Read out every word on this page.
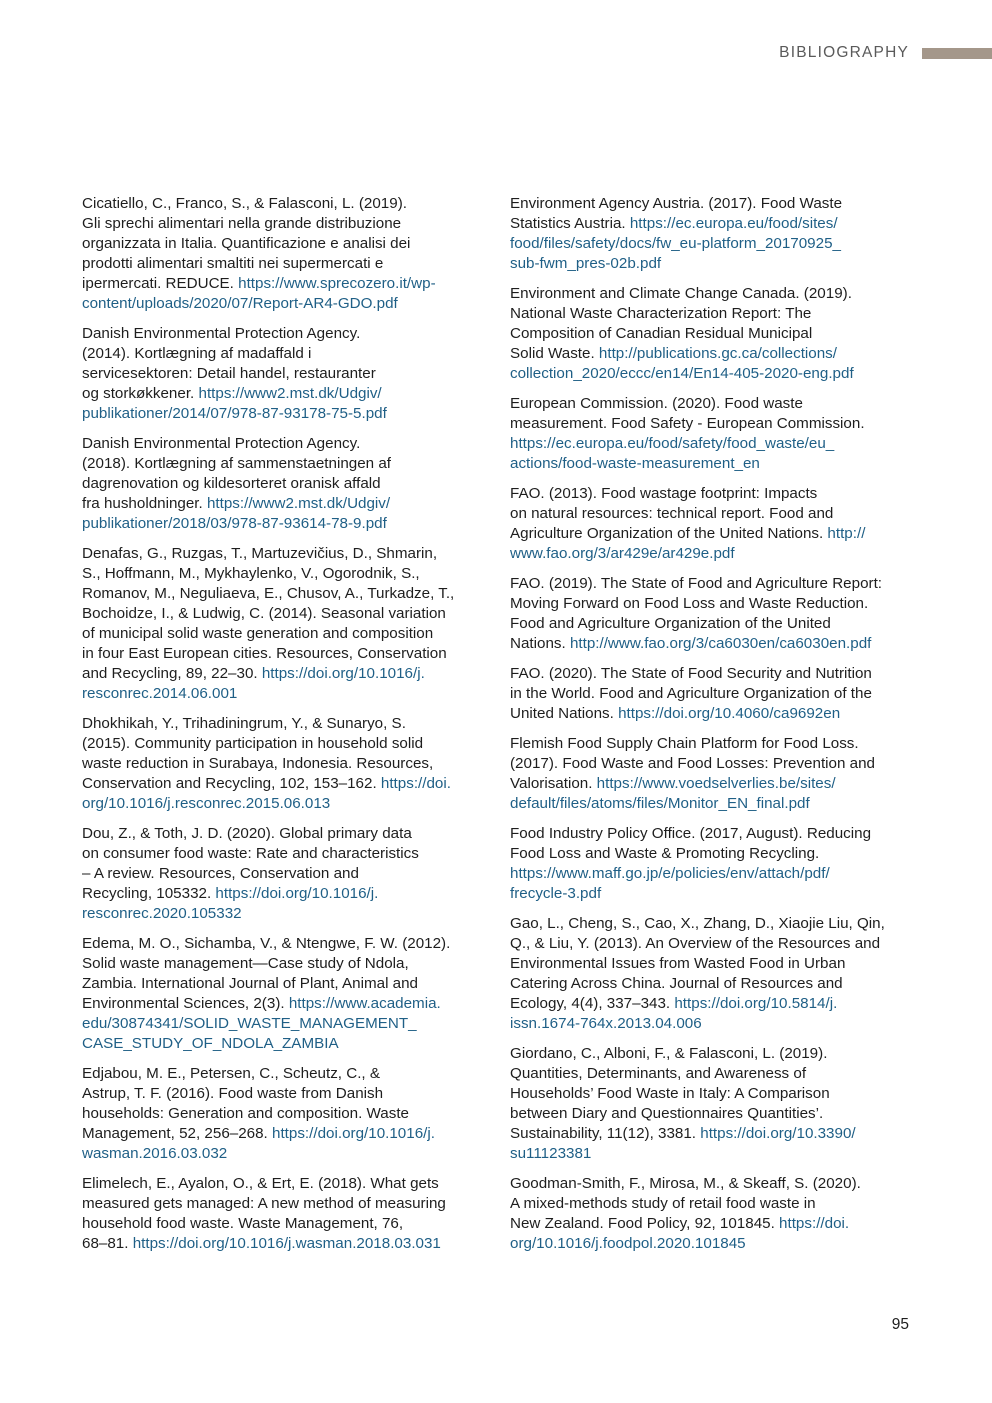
BIBLIOGRAPHY

Cicatiello, C., Franco, S., & Falasconi, L. (2019).
Gli sprechi alimentari nella grande distribuzione
organizzata in Italia. Quantificazione e analisi dei
prodotti alimentari smaltiti nei supermercati e
ipermercati. REDUCE. https://www.sprecozero.it/wp-
content/uploads/2020/07/Report-AR4-GDO.pdf

Danish Environmental Protection Agency.
(2014). Kortlægning af madaffald i
servicesektoren: Detail handel, restauranter
og storkøkkener. https://www2.mst.dk/Udgiv/
publikationer/2014/07/978-87-93178-75-5.pdf

Danish Environmental Protection Agency.
(2018). Kortlægning af sammenstaetningen af
dagrenovation og kildesorteret oranisk affald
fra husholdninger. https://www2.mst.dk/Udgiv/
publikationer/2018/03/978-87-93614-78-9.pdf

Denafas, G., Ruzgas, T., Martuzevičius, D., Shmarin,
S., Hoffmann, M., Mykhaylenko, V., Ogorodnik, S.,
Romanov, M., Neguliaeva, E., Chusov, A., Turkadze, T.,
Bochoidze, I., & Ludwig, C. (2014). Seasonal variation
of municipal solid waste generation and composition
in four East European cities. Resources, Conservation
and Recycling, 89, 22–30. https://doi.org/10.1016/j.
resconrec.2014.06.001

Dhokhikah, Y., Trihadiningrum, Y., & Sunaryo, S.
(2015). Community participation in household solid
waste reduction in Surabaya, Indonesia. Resources,
Conservation and Recycling, 102, 153–162. https://doi.
org/10.1016/j.resconrec.2015.06.013

Dou, Z., & Toth, J. D. (2020). Global primary data
on consumer food waste: Rate and characteristics
– A review. Resources, Conservation and
Recycling, 105332. https://doi.org/10.1016/j.
resconrec.2020.105332

Edema, M. O., Sichamba, V., & Ntengwe, F. W. (2012).
Solid waste management—Case study of Ndola,
Zambia. International Journal of Plant, Animal and
Environmental Sciences, 2(3). https://www.academia.
edu/30874341/SOLID_WASTE_MANAGEMENT_
CASE_STUDY_OF_NDOLA_ZAMBIA

Edjabou, M. E., Petersen, C., Scheutz, C., &
Astrup, T. F. (2016). Food waste from Danish
households: Generation and composition. Waste
Management, 52, 256–268. https://doi.org/10.1016/j.
wasman.2016.03.032

Elimelech, E., Ayalon, O., & Ert, E. (2018). What gets
measured gets managed: A new method of measuring
household food waste. Waste Management, 76,
68–81. https://doi.org/10.1016/j.wasman.2018.03.031

Environment Agency Austria. (2017). Food Waste
Statistics Austria. https://ec.europa.eu/food/sites/
food/files/safety/docs/fw_eu-platform_20170925_
sub-fwm_pres-02b.pdf

Environment and Climate Change Canada. (2019).
National Waste Characterization Report: The
Composition of Canadian Residual Municipal
Solid Waste. http://publications.gc.ca/collections/
collection_2020/eccc/en14/En14-405-2020-eng.pdf

European Commission. (2020). Food waste
measurement. Food Safety - European Commission.
https://ec.europa.eu/food/safety/food_waste/eu_
actions/food-waste-measurement_en

FAO. (2013). Food wastage footprint: Impacts
on natural resources: technical report. Food and
Agriculture Organization of the United Nations. http://
www.fao.org/3/ar429e/ar429e.pdf

FAO. (2019). The State of Food and Agriculture Report:
Moving Forward on Food Loss and Waste Reduction.
Food and Agriculture Organization of the United
Nations. http://www.fao.org/3/ca6030en/ca6030en.pdf

FAO. (2020). The State of Food Security and Nutrition
in the World. Food and Agriculture Organization of the
United Nations. https://doi.org/10.4060/ca9692en

Flemish Food Supply Chain Platform for Food Loss.
(2017). Food Waste and Food Losses: Prevention and
Valorisation. https://www.voedselverlies.be/sites/
default/files/atoms/files/Monitor_EN_final.pdf

Food Industry Policy Office. (2017, August). Reducing
Food Loss and Waste & Promoting Recycling.
https://www.maff.go.jp/e/policies/env/attach/pdf/
frecycle-3.pdf

Gao, L., Cheng, S., Cao, X., Zhang, D., Xiaojie Liu, Qin,
Q., & Liu, Y. (2013). An Overview of the Resources and
Environmental Issues from Wasted Food in Urban
Catering Across China. Journal of Resources and
Ecology, 4(4), 337–343. https://doi.org/10.5814/j.
issn.1674-764x.2013.04.006

Giordano, C., Alboni, F., & Falasconi, L. (2019).
Quantities, Determinants, and Awareness of
Households’ Food Waste in Italy: A Comparison
between Diary and Questionnaires Quantities’.
Sustainability, 11(12), 3381. https://doi.org/10.3390/
su11123381

Goodman-Smith, F., Mirosa, M., & Skeaff, S. (2020).
A mixed-methods study of retail food waste in
New Zealand. Food Policy, 92, 101845. https://doi.
org/10.1016/j.foodpol.2020.101845

95
